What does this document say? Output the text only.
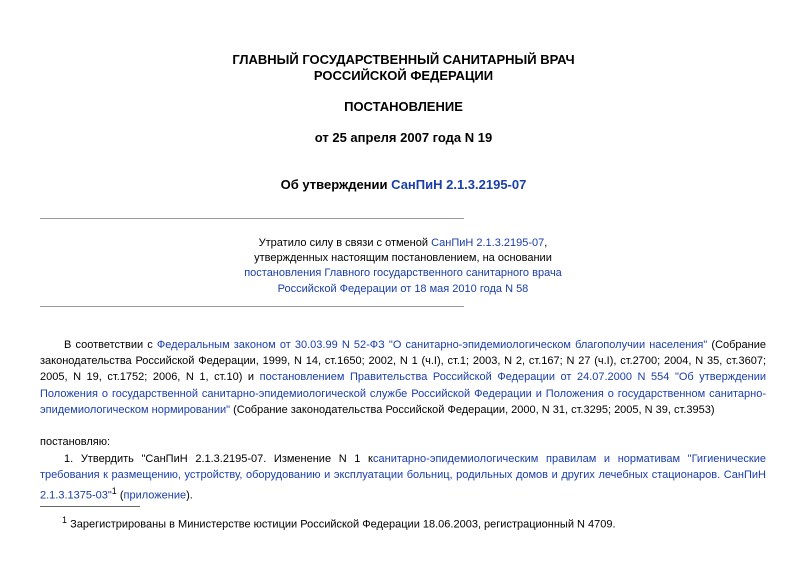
ГЛАВНЫЙ ГОСУДАРСТВЕННЫЙ САНИТАРНЫЙ ВРАЧ
РОССИЙСКОЙ ФЕДЕРАЦИИ
ПОСТАНОВЛЕНИЕ
от 25 апреля 2007 года N 19
Об утверждении СанПиН 2.1.3.2195-07
Утратило силу в связи с отменой СанПиН 2.1.3.2195-07,
утвержденных настоящим постановлением, на основании
постановления Главного государственного санитарного врача
Российской Федерации от 18 мая 2010 года N 58
В соответствии с Федеральным законом от 30.03.99 N 52-ФЗ "О санитарно-эпидемиологическом благополучии населения" (Собрание законодательства Российской Федерации, 1999, N 14, ст.1650; 2002, N 1 (ч.I), ст.1; 2003, N 2, ст.167; N 27 (ч.I), ст.2700; 2004, N 35, ст.3607; 2005, N 19, ст.1752; 2006, N 1, ст.10) и постановлением Правительства Российской Федерации от 24.07.2000 N 554 "Об утверждении Положения о государственной санитарно-эпидемиологической службе Российской Федерации и Положения о государственном санитарно-эпидемиологическом нормировании" (Собрание законодательства Российской Федерации, 2000, N 31, ст.3295; 2005, N 39, ст.3953)
постановляю:
1. Утвердить "СанПиН 2.1.3.2195-07. Изменение N 1 ксанитарно-эпидемиологическим правилам и нормативам "Гигиенические требования к размещению, устройству, оборудованию и эксплуатации больниц, родильных домов и других лечебных стационаров. СанПиН 2.1.3.1375-03"$^1$ (приложение).
$^1$ Зарегистрированы в Министерстве юстиции Российской Федерации 18.06.2003, регистрационный N 4709.
